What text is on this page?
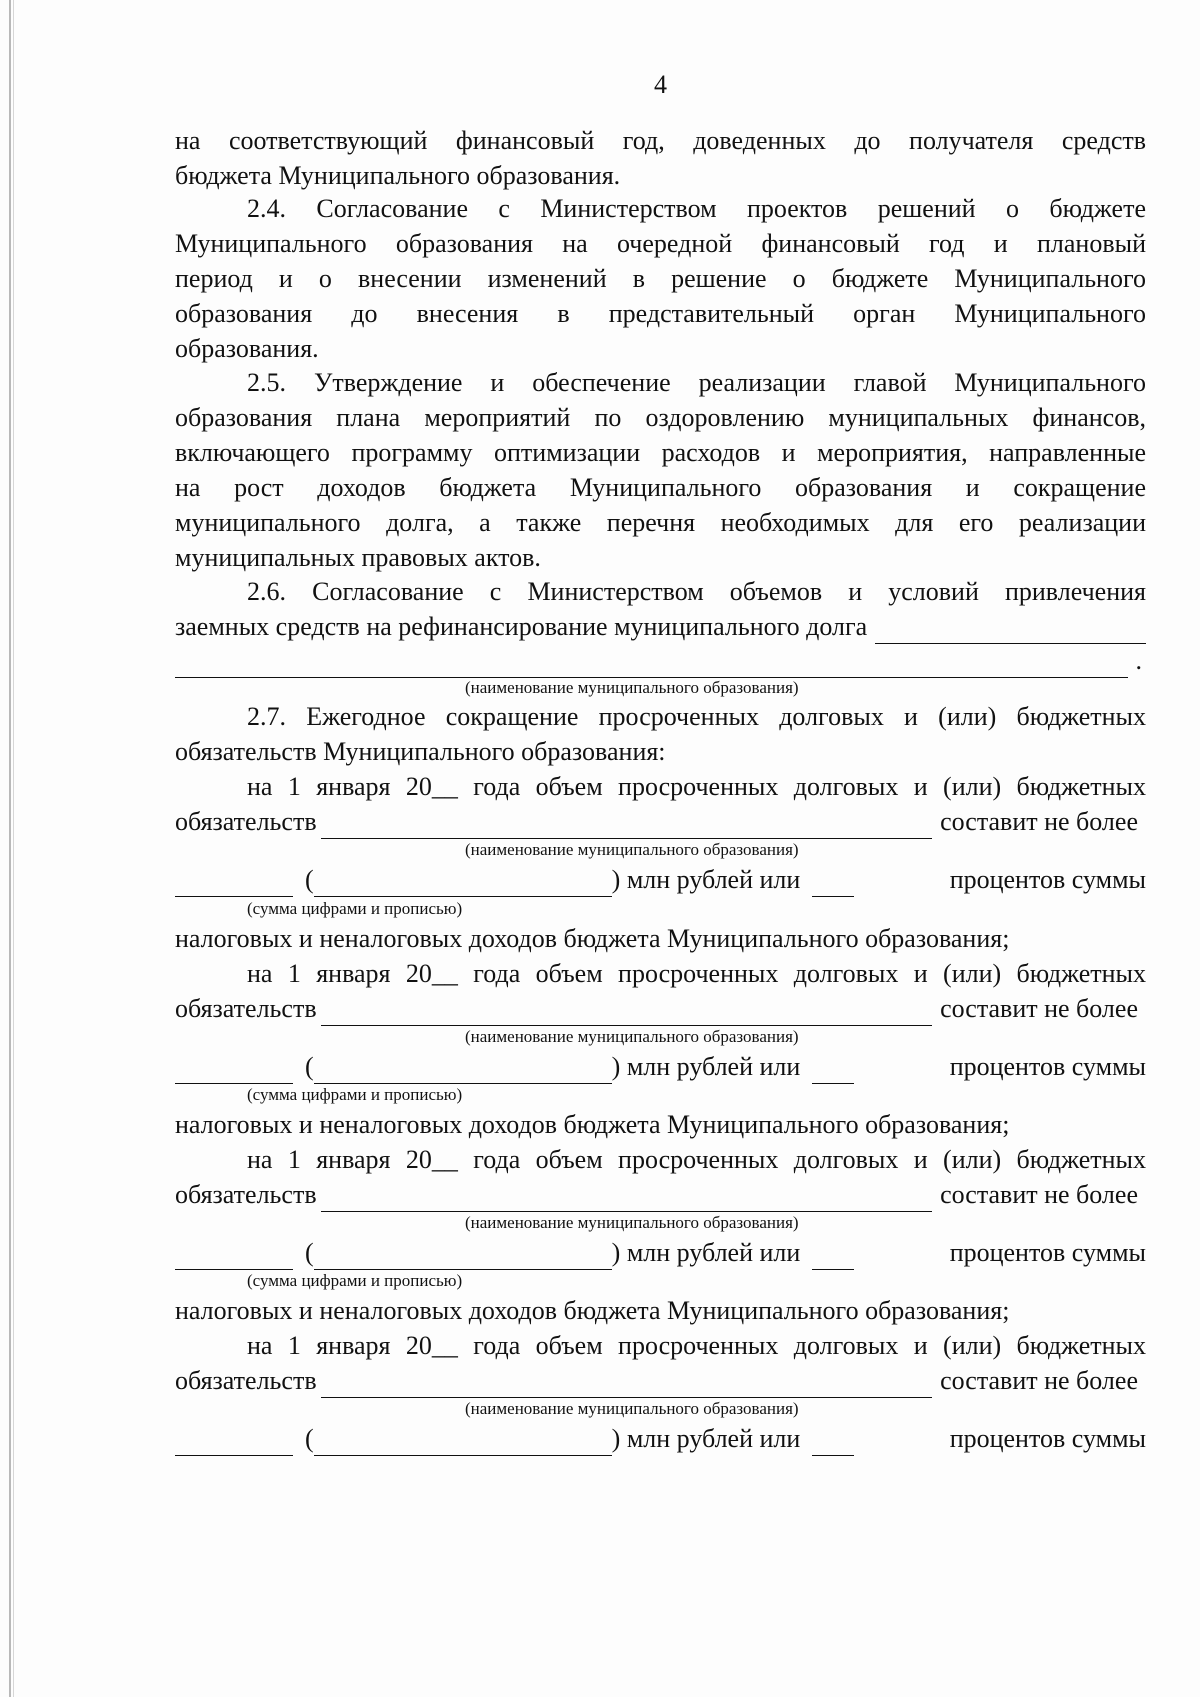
4
на соответствующий финансовый год, доведенных до получателя средств
бюджета Муниципального образования.
2.4. Согласование с Министерством проектов решений о бюджете
Муниципального образования на очередной финансовый год и плановый
период и о внесении изменений в решение о бюджете Муниципального
образования до внесения в представительный орган Муниципального
образования.
2.5. Утверждение и обеспечение реализации главой Муниципального
образования плана мероприятий по оздоровлению муниципальных финансов,
включающего программу оптимизации расходов и мероприятия, направленные
на рост доходов бюджета Муниципального образования и сокращение
муниципального долга, а также перечня необходимых для его реализации
муниципальных правовых актов.
2.6. Согласование с Министерством объемов и условий привлечения
заемных средств на рефинансирование муниципального долга
.
(наименование муниципального образования)
2.7. Ежегодное сокращение просроченных долговых и (или) бюджетных
обязательств Муниципального образования:
на 1 января 20__ года объем просроченных долговых и (или) бюджетных
обязательств	составит не более
(наименование муниципального образования)
(	) млн рублей или	процентов суммы
(сумма цифрами и прописью)
налоговых и неналоговых доходов бюджета Муниципального образования;
на 1 января 20__ года объем просроченных долговых и (или) бюджетных
обязательств	составит не более
(наименование муниципального образования)
(	) млн рублей или	процентов суммы
(сумма цифрами и прописью)
налоговых и неналоговых доходов бюджета Муниципального образования;
на 1 января 20__ года объем просроченных долговых и (или) бюджетных
обязательств	составит не более
(наименование муниципального образования)
(	) млн рублей или	процентов суммы
(сумма цифрами и прописью)
налоговых и неналоговых доходов бюджета Муниципального образования;
на 1 января 20__ года объем просроченных долговых и (или) бюджетных
обязательств	составит не более
(наименование муниципального образования)
(	) млн рублей или	процентов суммы
